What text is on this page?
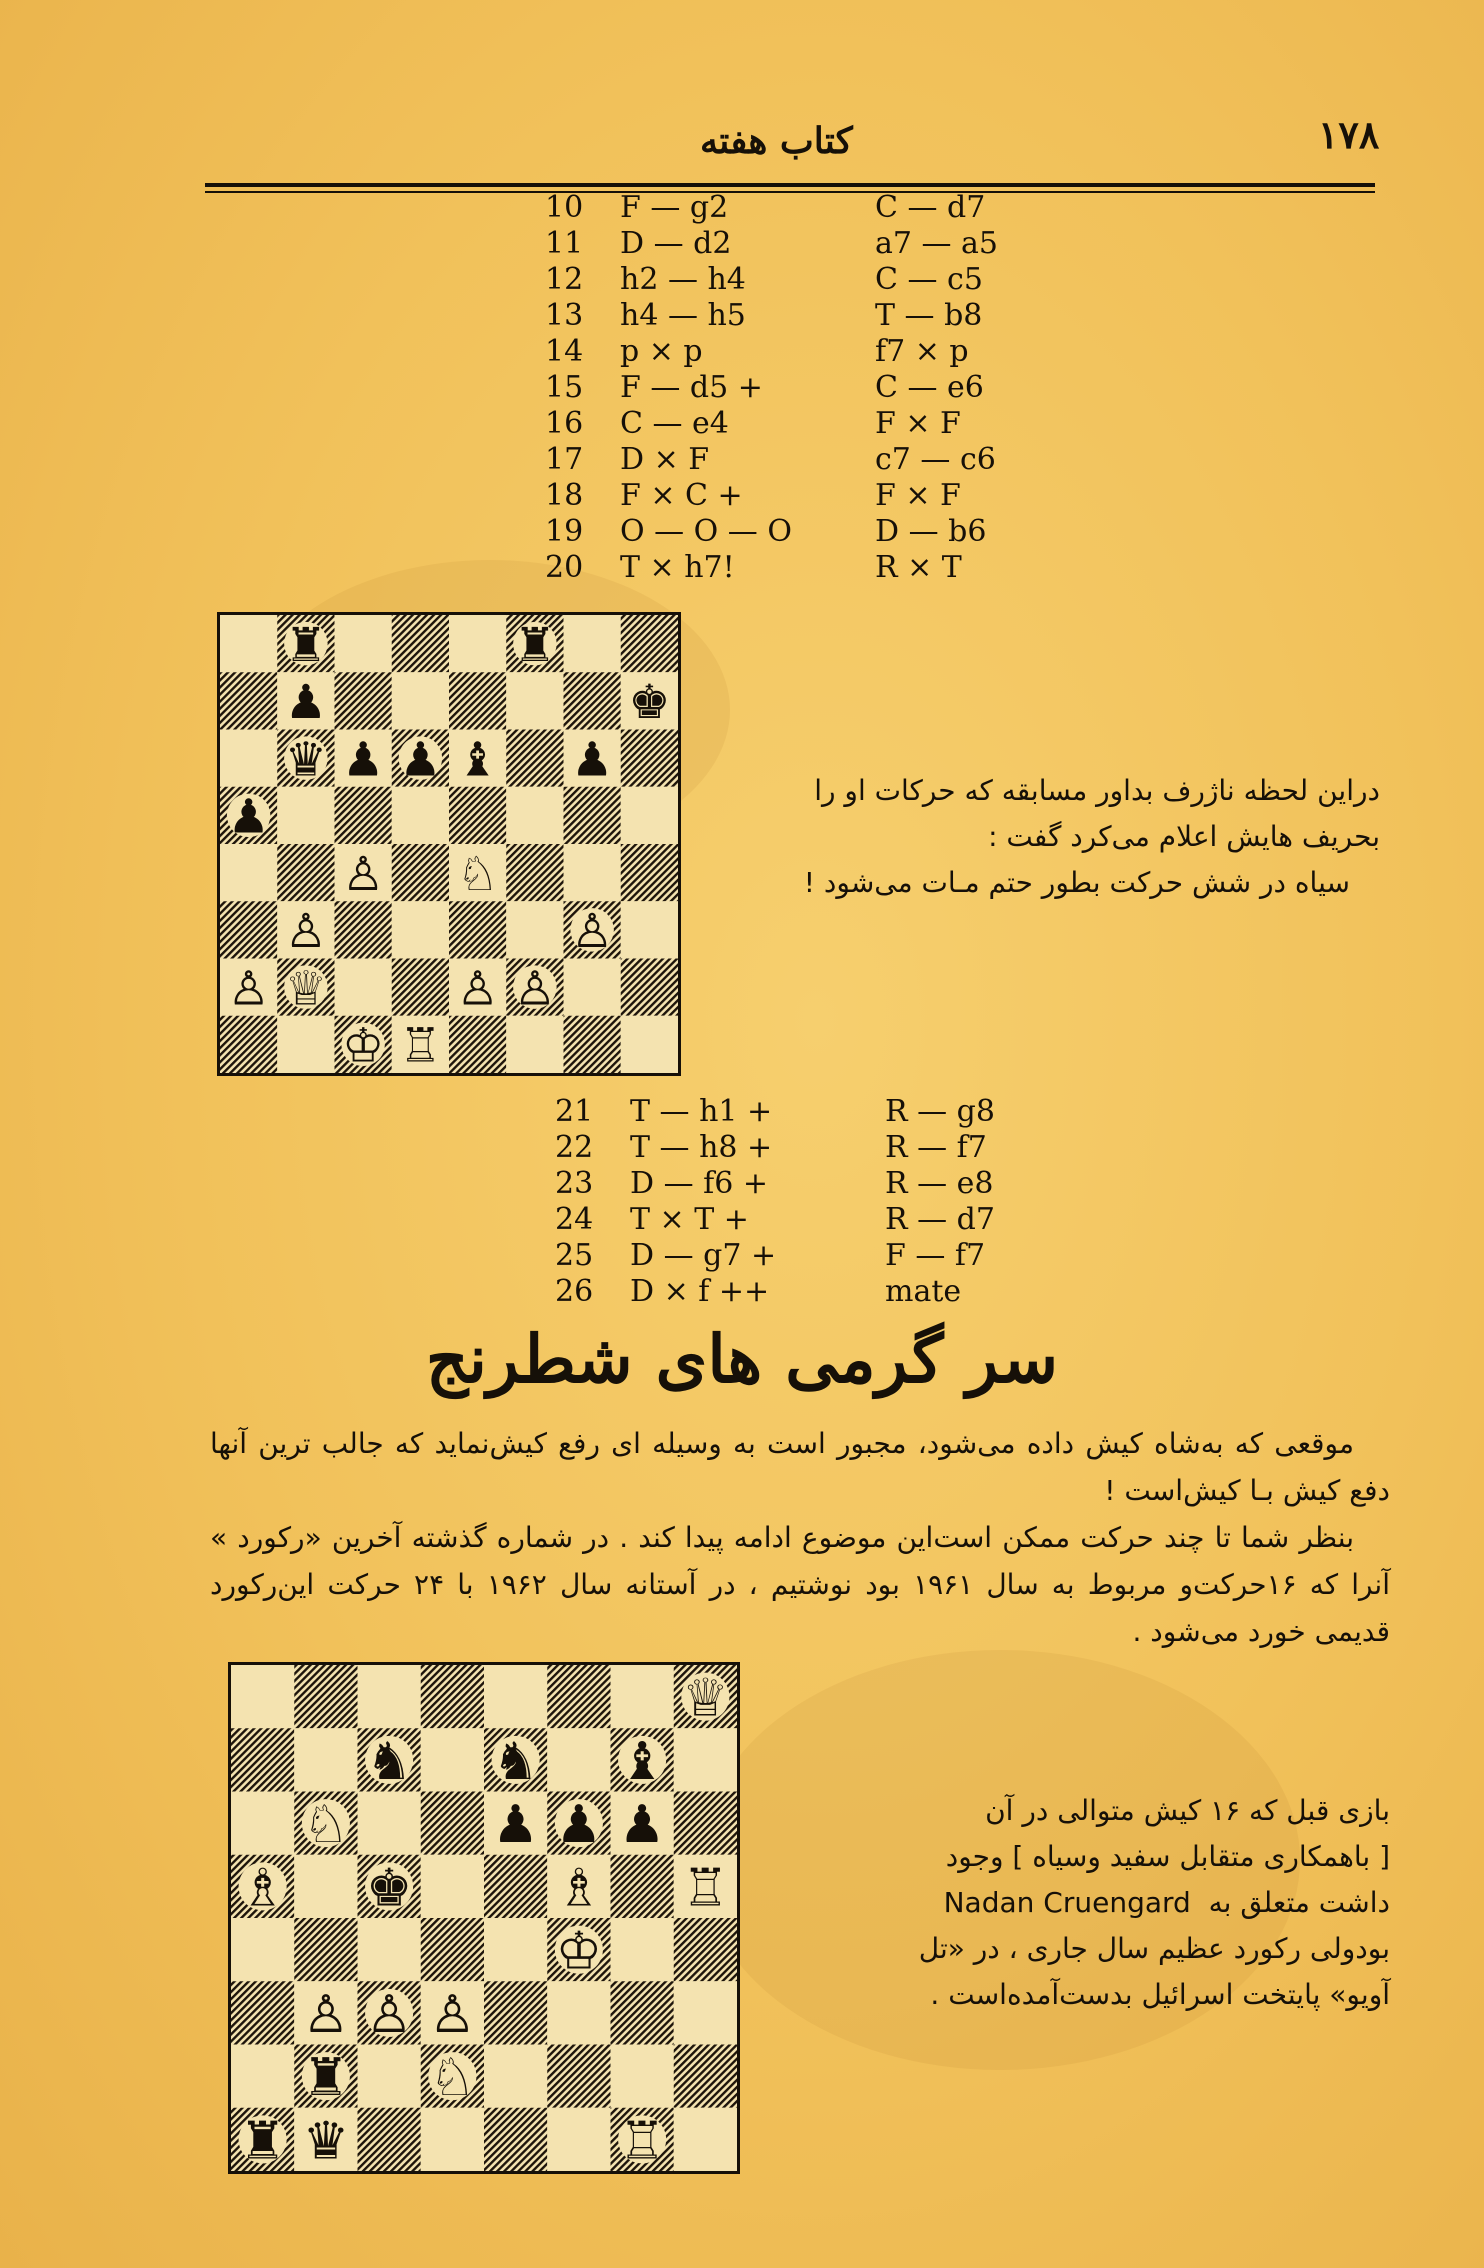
۱۷۸
کتاب هفته
10 F — g2	C — d7
11 D — d2	a7 — a5
12 h2 — h4	C — c5
13 h4 — h5	T — b8
14 p × p	f7 × p
15 F — d5 +	C — e6
16 C — e4	F × F
17 D × F	c7 — c6
18 F × C +	F × F
19 O — O — O	D — b6
20 T × h7!	R × T
♜	♜
♟	♚
♛ ♟ ♟ ♝ ♟
♟
♙ ♘
♙	♙
♙ ♕	♙ ♙
♔ ♖

دراین لحظه ناژرف بداور مسابقه که حرکات او را بحریف هایش اعلام می‌کرد گفت :

سیاه در شش حرکت بطور حتم مـات می‌شود !

21 T — h1 +	R — g8
22 T — h8 +	R — f7
23 D — f6 +	R — e8
24 T × T +	R — d7
25 D — g7 +	F — f7
26 D × f ++	mate
سر گرمی های شطرنج

موقعی که به‌شاه کیش داده می‌شود، مجبور است به وسیله ای رفع کیش‌نماید که جالب ترین آنها دفع کیش بـا کیش‌است !

بنظر شما تا چند حرکت ممکن است‌این موضوع ادامه پیدا کند . در شماره گذشته آخرین «رکورد » آنرا که ۱۶حرکت‌و مربوط به سال ۱۹۶۱ بود نوشتیم ، در آستانه سال ۱۹۶۲ با ۲۴ حرکت این‌رکورد قدیمی خورد می‌شود .

♕
♞ ♞ ♝
♘	♟ ♟ ♟
♗ ♚	♗ ♖
♔
♙ ♙ ♙
♜ ♘
♜ ♛	♖

بازی قبل که ۱۶ کیش متوالی در آن

[ باهمکاری متقابل سفید وسیاه ] وجود

داشت متعلق به  Nadan Cruengard

بودولی رکورد عظیم سال جاری ، در «تل

آویو» پایتخت اسرائیل بدست‌آمده‌است .
